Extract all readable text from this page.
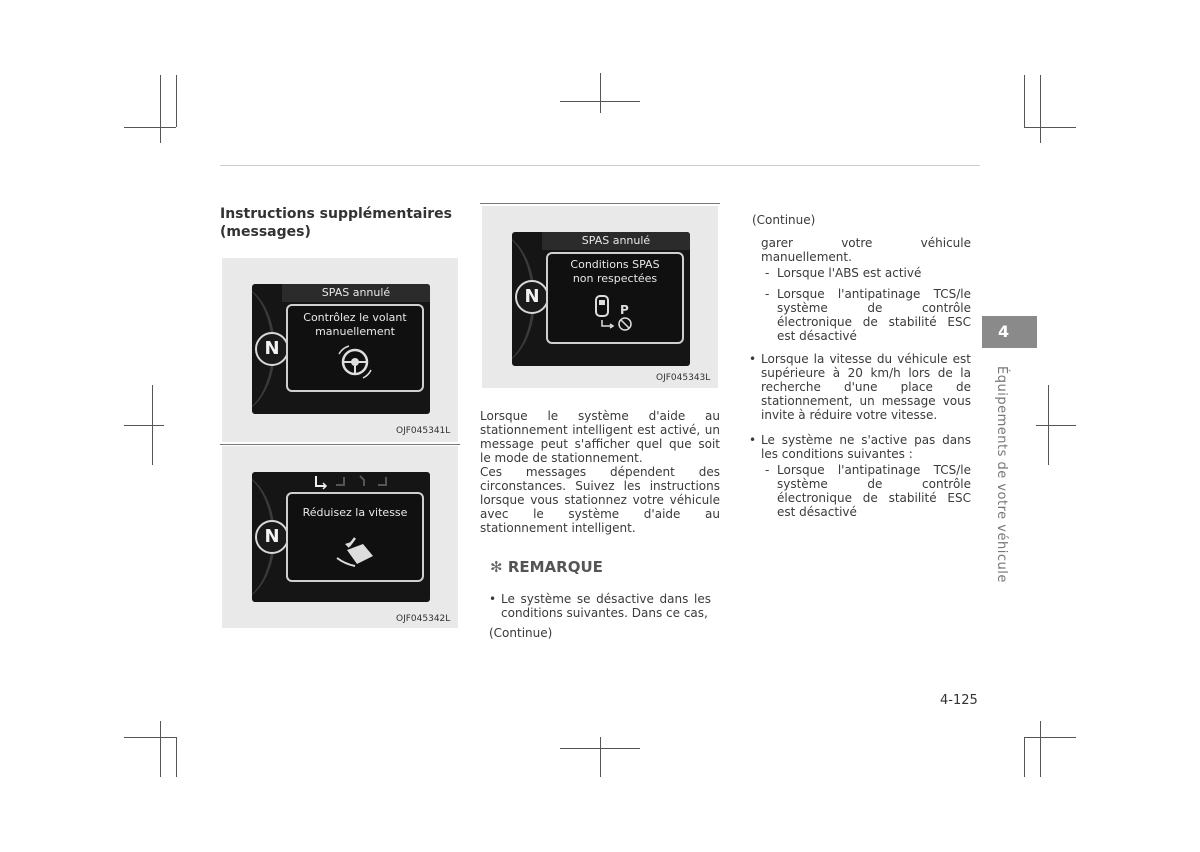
Instructions supplémentaires (messages)
SPAS annulé
N
Contrôlez le volant manuellement
OJF045341L
N
Réduisez la vitesse
OJF045342L
SPAS annulé
N
Conditions SPAS non respectées
P
OJF045343L
Lorsque le système d'aide au stationnement intelligent est activé, un message peut s'afficher quel que soit le mode de stationnement.
Ces messages dépendent des circonstances. Suivez les instructions lorsque vous stationnez votre véhicule avec le système d'aide au stationnement intelligent.
✻ REMARQUE
• Le système se désactive dans les conditions suivantes. Dans ce cas,
(Continue)
(Continue)
garer votre véhicule manuellement.
- Lorsque l'ABS est activé
- Lorsque l'antipatinage TCS/le système de contrôle électronique de stabilité ESC est désactivé
• Lorsque la vitesse du véhicule est supérieure à 20 km/h lors de la recherche d'une place de stationnement, un message vous invite à réduire votre vitesse.
• Le système ne s'active pas dans les conditions suivantes :
- Lorsque l'antipatinage TCS/le système de contrôle électronique de stabilité ESC est désactivé
4
Équipements de votre véhicule
4-125
